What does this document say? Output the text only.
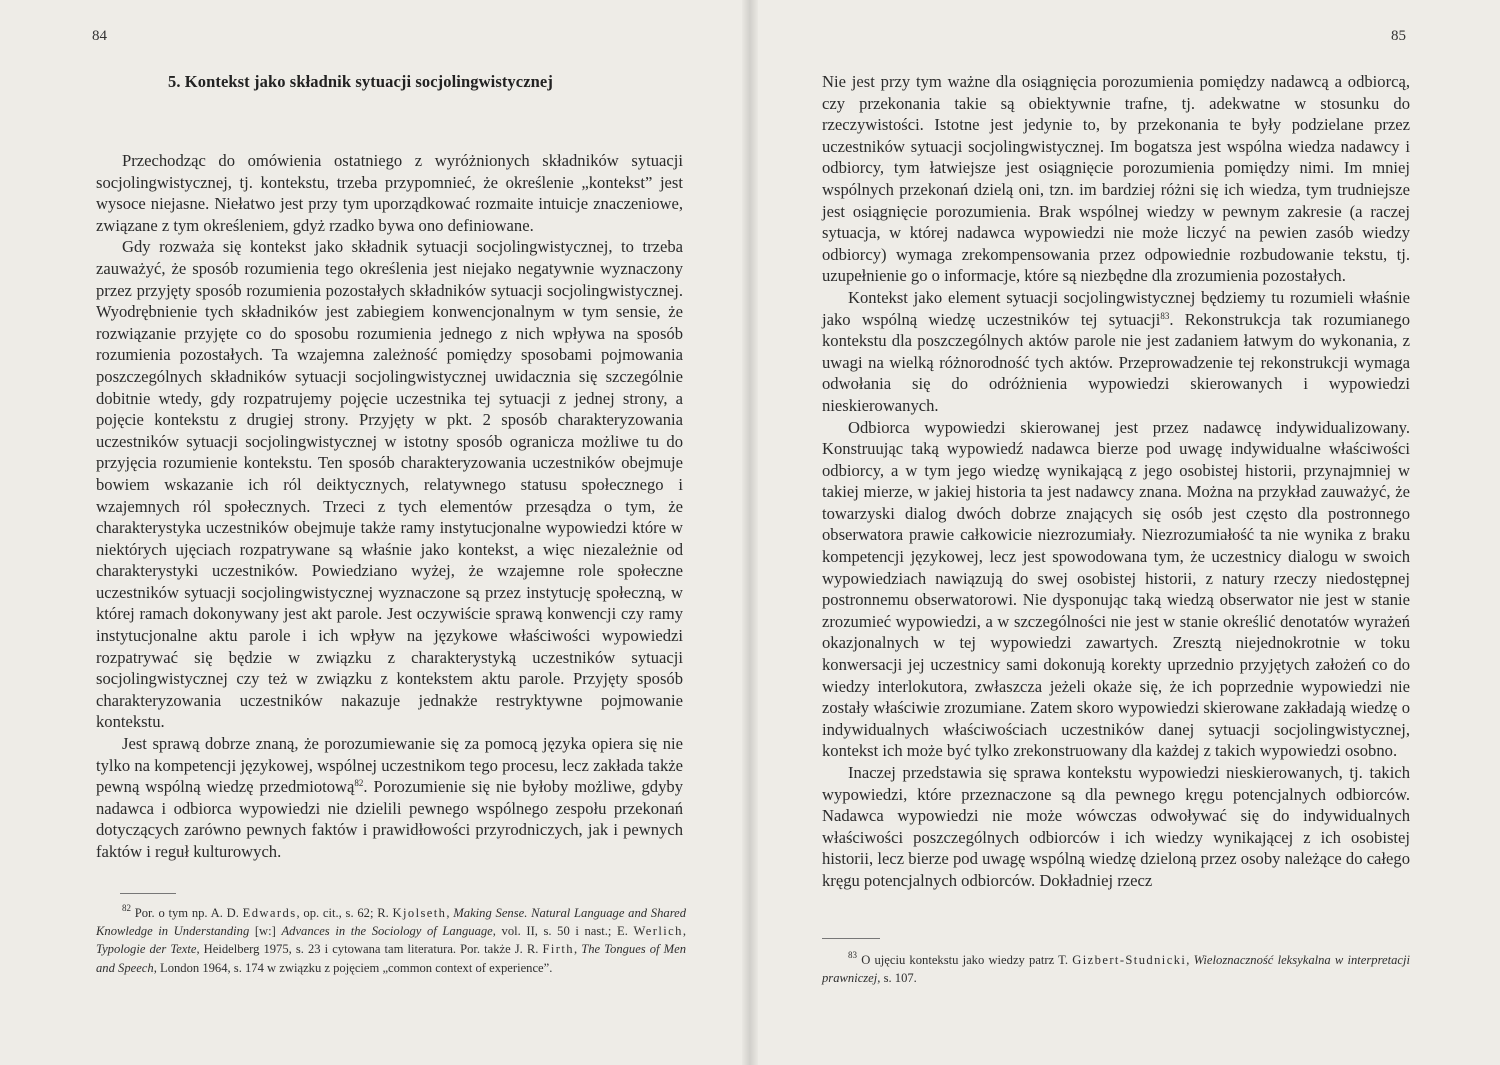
84
5. Kontekst jako składnik sytuacji socjolingwistycznej

Przechodząc do omówienia ostatniego z wyróżnionych składników sytuacji socjolingwistycznej, tj. kontekstu, trzeba przypomnieć, że określenie „kontekst” jest wysoce niejasne. Niełatwo jest przy tym uporządkować rozmaite intuicje znaczeniowe, związane z tym określeniem, gdyż rzadko bywa ono definiowane.

Gdy rozważa się kontekst jako składnik sytuacji socjolingwistycznej, to trzeba zauważyć, że sposób rozumienia tego określenia jest niejako negatywnie wyznaczony przez przyjęty sposób rozumienia pozostałych składników sytuacji socjolingwistycznej. Wyodrębnienie tych składników jest zabiegiem konwencjonalnym w tym sensie, że rozwiązanie przyjęte co do sposobu rozumienia jednego z nich wpływa na sposób rozumienia pozostałych. Ta wzajemna zależność pomiędzy sposobami pojmowania poszczególnych składników sytuacji socjolingwistycznej uwidacznia się szczególnie dobitnie wtedy, gdy rozpatrujemy pojęcie uczestnika tej sytuacji z jednej strony, a pojęcie kontekstu z drugiej strony. Przyjęty w pkt. 2 sposób charakteryzowania uczestników sytuacji socjolingwistycznej w istotny sposób ogranicza możliwe tu do przyjęcia rozumienie kontekstu. Ten sposób charakteryzowania uczestników obejmuje bowiem wskazanie ich ról deiktycznych, relatywnego statusu społecznego i wzajemnych ról społecznych. Trzeci z tych elementów przesądza o tym, że charakterystyka uczestników obejmuje także ramy instytucjonalne wypowiedzi które w niektórych ujęciach rozpatrywane są właśnie jako kontekst, a więc niezależnie od charakterystyki uczestników. Powiedziano wyżej, że wzajemne role społeczne uczestników sytuacji socjolingwistycznej wyznaczone są przez instytucję społeczną, w której ramach dokonywany jest akt parole. Jest oczywiście sprawą konwencji czy ramy instytucjonalne aktu parole i ich wpływ na językowe właściwości wypowiedzi rozpatrywać się będzie w związku z charakterystyką uczestników sytuacji socjolingwistycznej czy też w związku z kontekstem aktu parole. Przyjęty sposób charakteryzowania uczestników nakazuje jednakże restryktywne pojmowanie kontekstu.

Jest sprawą dobrze znaną, że porozumiewanie się za pomocą języka opiera się nie tylko na kompetencji językowej, wspólnej uczestnikom tego procesu, lecz zakłada także pewną wspólną wiedzę przedmiotową$^{82}$. Porozumienie się nie byłoby możliwe, gdyby nadawca i odbiorca wypowiedzi nie dzielili pewnego wspólnego zespołu przekonań dotyczących zarówno pewnych faktów i prawidłowości przyrodniczych, jak i pewnych faktów i reguł kulturowych.

$^{82}$ Por. o tym np. A. D. Edwards, op. cit., s. 62; R. Kjolseth, Making Sense. Natural Language and Shared Knowledge in Understanding [w:] Advances in the Sociology of Language, vol. II, s. 50 i nast.; E. Werlich, Typologie der Texte, Heidelberg 1975, s. 23 i cytowana tam literatura. Por. także J. R. Firth, The Tongues of Men and Speech, London 1964, s. 174 w związku z pojęciem „common context of experience”.

85

Nie jest przy tym ważne dla osiągnięcia porozumienia pomiędzy nadawcą a odbiorcą, czy przekonania takie są obiektywnie trafne, tj. adekwatne w stosunku do rzeczywistości. Istotne jest jedynie to, by przekonania te były podzielane przez uczestników sytuacji socjolingwistycznej. Im bogatsza jest wspólna wiedza nadawcy i odbiorcy, tym łatwiejsze jest osiągnięcie porozumienia pomiędzy nimi. Im mniej wspólnych przekonań dzielą oni, tzn. im bardziej różni się ich wiedza, tym trudniejsze jest osiągnięcie porozumienia. Brak wspólnej wiedzy w pewnym zakresie (a raczej sytuacja, w której nadawca wypowiedzi nie może liczyć na pewien zasób wiedzy odbiorcy) wymaga zrekompensowania przez odpowiednie rozbudowanie tekstu, tj. uzupełnienie go o informacje, które są niezbędne dla zrozumienia pozostałych.

Kontekst jako element sytuacji socjolingwistycznej będziemy tu rozumieli właśnie jako wspólną wiedzę uczestników tej sytuacji$^{83}$. Rekonstrukcja tak rozumianego kontekstu dla poszczególnych aktów parole nie jest zadaniem łatwym do wykonania, z uwagi na wielką różnorodność tych aktów. Przeprowadzenie tej rekonstrukcji wymaga odwołania się do odróżnienia wypowiedzi skierowanych i wypowiedzi nieskierowanych.

Odbiorca wypowiedzi skierowanej jest przez nadawcę indywidualizowany. Konstruując taką wypowiedź nadawca bierze pod uwagę indywidualne właściwości odbiorcy, a w tym jego wiedzę wynikającą z jego osobistej historii, przynajmniej w takiej mierze, w jakiej historia ta jest nadawcy znana. Można na przykład zauważyć, że towarzyski dialog dwóch dobrze znających się osób jest często dla postronnego obserwatora prawie całkowicie niezrozumiały. Niezrozumiałość ta nie wynika z braku kompetencji językowej, lecz jest spowodowana tym, że uczestnicy dialogu w swoich wypowiedziach nawiązują do swej osobistej historii, z natury rzeczy niedostępnej postronnemu obserwatorowi. Nie dysponując taką wiedzą obserwator nie jest w stanie zrozumieć wypowiedzi, a w szczególności nie jest w stanie określić denotatów wyrażeń okazjonalnych w tej wypowiedzi zawartych. Zresztą niejednokrotnie w toku konwersacji jej uczestnicy sami dokonują korekty uprzednio przyjętych założeń co do wiedzy interlokutora, zwłaszcza jeżeli okaże się, że ich poprzednie wypowiedzi nie zostały właściwie zrozumiane. Zatem skoro wypowiedzi skierowane zakładają wiedzę o indywidualnych właściwościach uczestników danej sytuacji socjolingwistycznej, kontekst ich może być tylko zrekonstruowany dla każdej z takich wypowiedzi osobno.

Inaczej przedstawia się sprawa kontekstu wypowiedzi nieskierowanych, tj. takich wypowiedzi, które przeznaczone są dla pewnego kręgu potencjalnych odbiorców. Nadawca wypowiedzi nie może wówczas odwoływać się do indywidualnych właściwości poszczególnych odbiorców i ich wiedzy wynikającej z ich osobistej historii, lecz bierze pod uwagę wspólną wiedzę dzieloną przez osoby należące do całego kręgu potencjalnych odbiorców. Dokładniej rzecz

$^{83}$ O ujęciu kontekstu jako wiedzy patrz T. Gizbert-Studnicki, Wieloznaczność leksykalna w interpretacji prawniczej, s. 107.
